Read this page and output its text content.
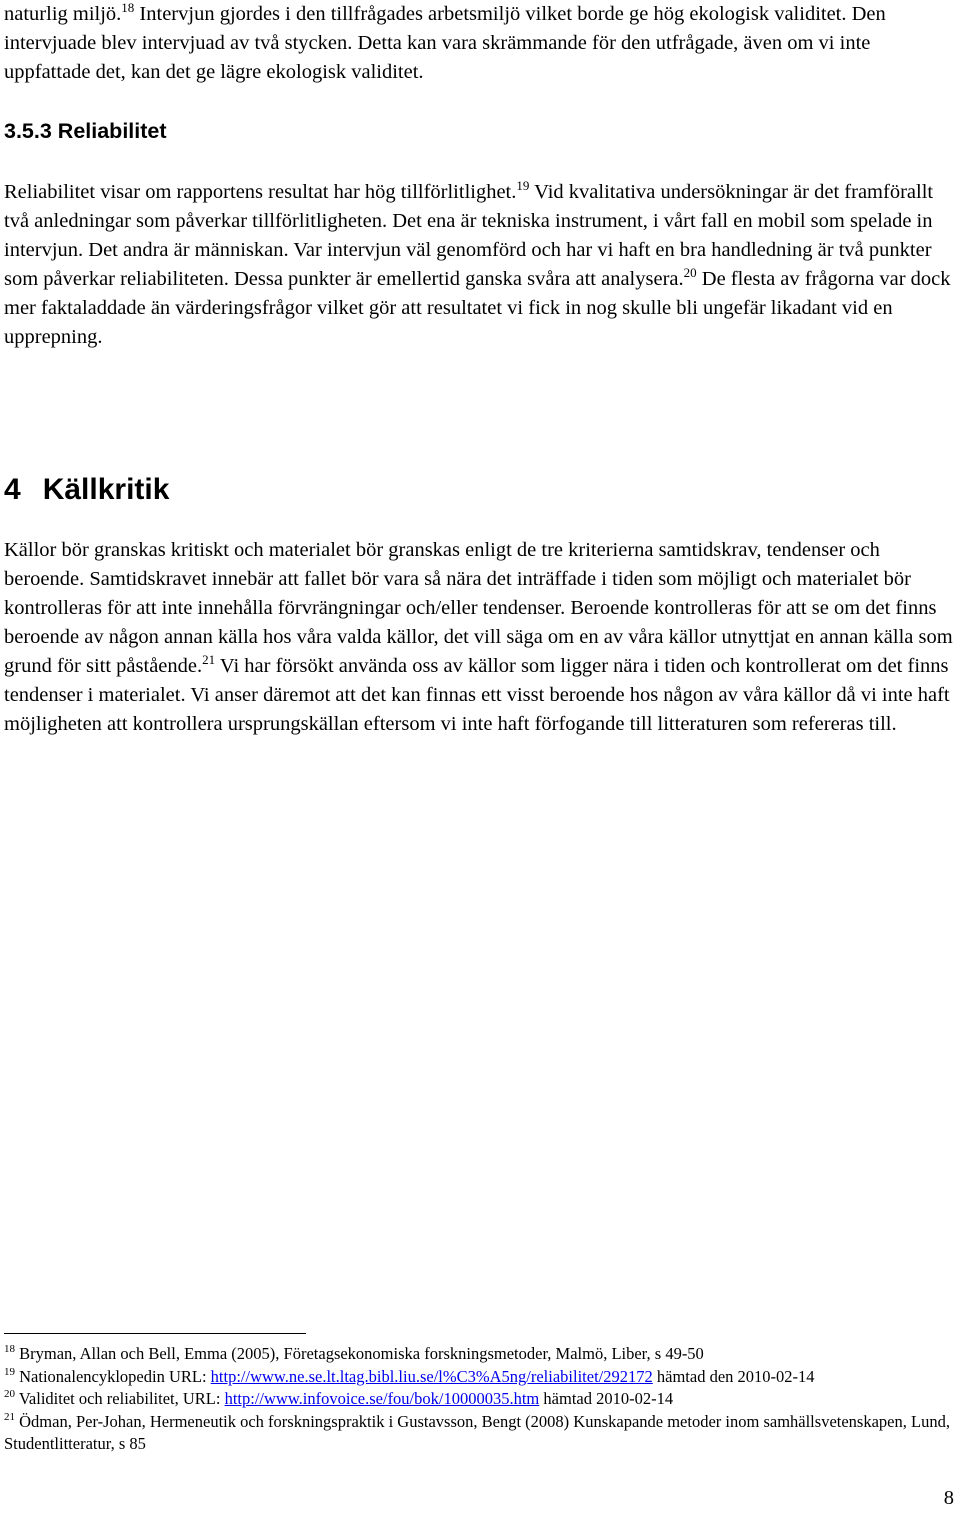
naturlig miljö.$^{18}$ Intervjun gjordes i den tillfrågades arbetsmiljö vilket borde ge hög ekologisk validitet. Den intervjuade blev intervjuad av två stycken. Detta kan vara skrämmande för den utfrågade, även om vi inte uppfattade det, kan det ge lägre ekologisk validitet.

3.5.3 Reliabilitet

Reliabilitet visar om rapportens resultat har hög tillförlitlighet.$^{19}$ Vid kvalitativa undersökningar är det framförallt två anledningar som påverkar tillförlitligheten. Det ena är tekniska instrument, i vårt fall en mobil som spelade in intervjun. Det andra är människan. Var intervjun väl genomförd och har vi haft en bra handledning är två punkter som påverkar reliabiliteten. Dessa punkter är emellertid ganska svåra att analysera.$^{20}$ De flesta av frågorna var dock mer faktaladdade än värderingsfrågor vilket gör att resultatet vi fick in nog skulle bli ungefär likadant vid en upprepning.

4 Källkritik

Källor bör granskas kritiskt och materialet bör granskas enligt de tre kriterierna samtidskrav, tendenser och beroende. Samtidskravet innebär att fallet bör vara så nära det inträffade i tiden som möjligt och materialet bör kontrolleras för att inte innehålla förvrängningar och/eller tendenser. Beroende kontrolleras för att se om det finns beroende av någon annan källa hos våra valda källor, det vill säga om en av våra källor utnyttjat en annan källa som grund för sitt påstående.$^{21}$ Vi har försökt använda oss av källor som ligger nära i tiden och kontrollerat om det finns tendenser i materialet. Vi anser däremot att det kan finnas ett visst beroende hos någon av våra källor då vi inte haft möjligheten att kontrollera ursprungskällan eftersom vi inte haft förfogande till litteraturen som refereras till.

$^{18}$ Bryman, Allan och Bell, Emma (2005), Företagsekonomiska forskningsmetoder, Malmö, Liber, s 49-50

$^{19}$ Nationalencyklopedin URL: http://www.ne.se.lt.ltag.bibl.liu.se/l%C3%A5ng/reliabilitet/292172 hämtad den 2010-02-14

$^{20}$ Validitet och reliabilitet, URL: http://www.infovoice.se/fou/bok/10000035.htm hämtad 2010-02-14

$^{21}$ Ödman, Per-Johan, Hermeneutik och forskningspraktik i Gustavsson, Bengt (2008) Kunskapande metoder inom samhällsvetenskapen, Lund, Studentlitteratur, s 85

8
